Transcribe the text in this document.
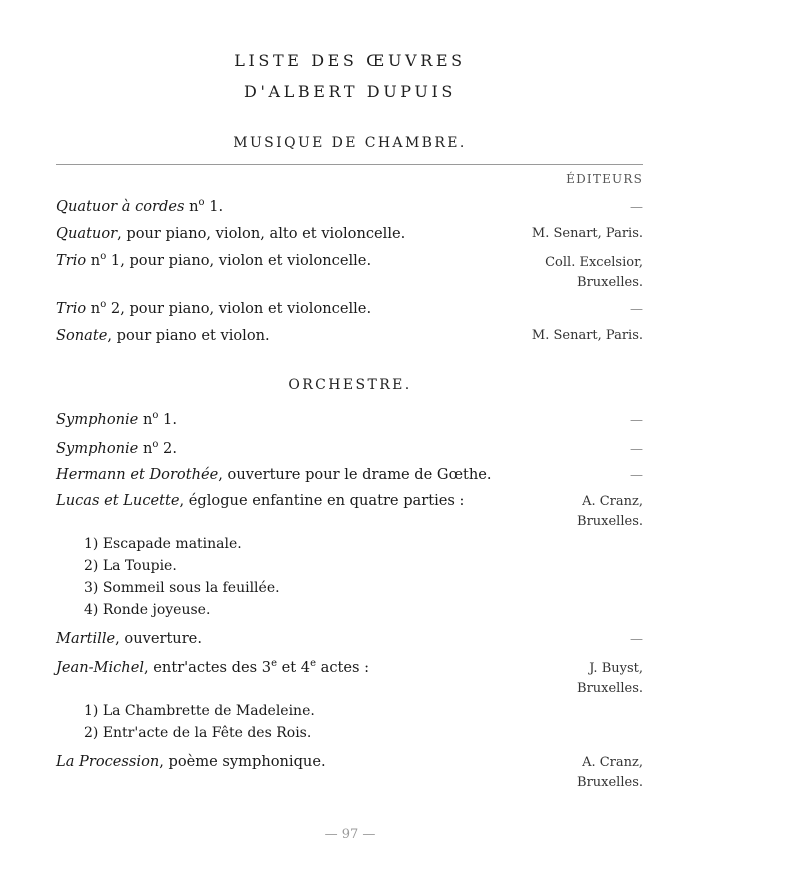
LISTE DES ŒUVRES
D'ALBERT DUPUIS
MUSIQUE DE CHAMBRE.
ÉDITEURS
Quatuor à cordes $n^o$ 1.	—
Quatuor, pour piano, violon, alto et violoncelle.	M. Senart, Paris.
Trio $n^o$ 1, pour piano, violon et violoncelle.	Coll. Excelsior,
Bruxelles.
Trio $n^o$ 2, pour piano, violon et violoncelle.	—
Sonate, pour piano et violon.	M. Senart, Paris.
ORCHESTRE.
Symphonie $n^o$ 1.	—
Symphonie $n^o$ 2.	—
Hermann et Dorothée, ouverture pour le drame de Gœthe.	—
Lucas et Lucette, églogue enfantine en quatre parties :	A. Cranz,
Bruxelles.
1) Escapade matinale.
2) La Toupie.
3) Sommeil sous la feuillée.
4) Ronde joyeuse.
Martille, ouverture.	—
Jean-Michel, entr'actes des 3e et 4e actes :	J. Buyst,
Bruxelles.
1) La Chambrette de Madeleine.
2) Entr'acte de la Fête des Rois.
La Procession, poème symphonique.	A. Cranz,
Bruxelles.
— 97 —
